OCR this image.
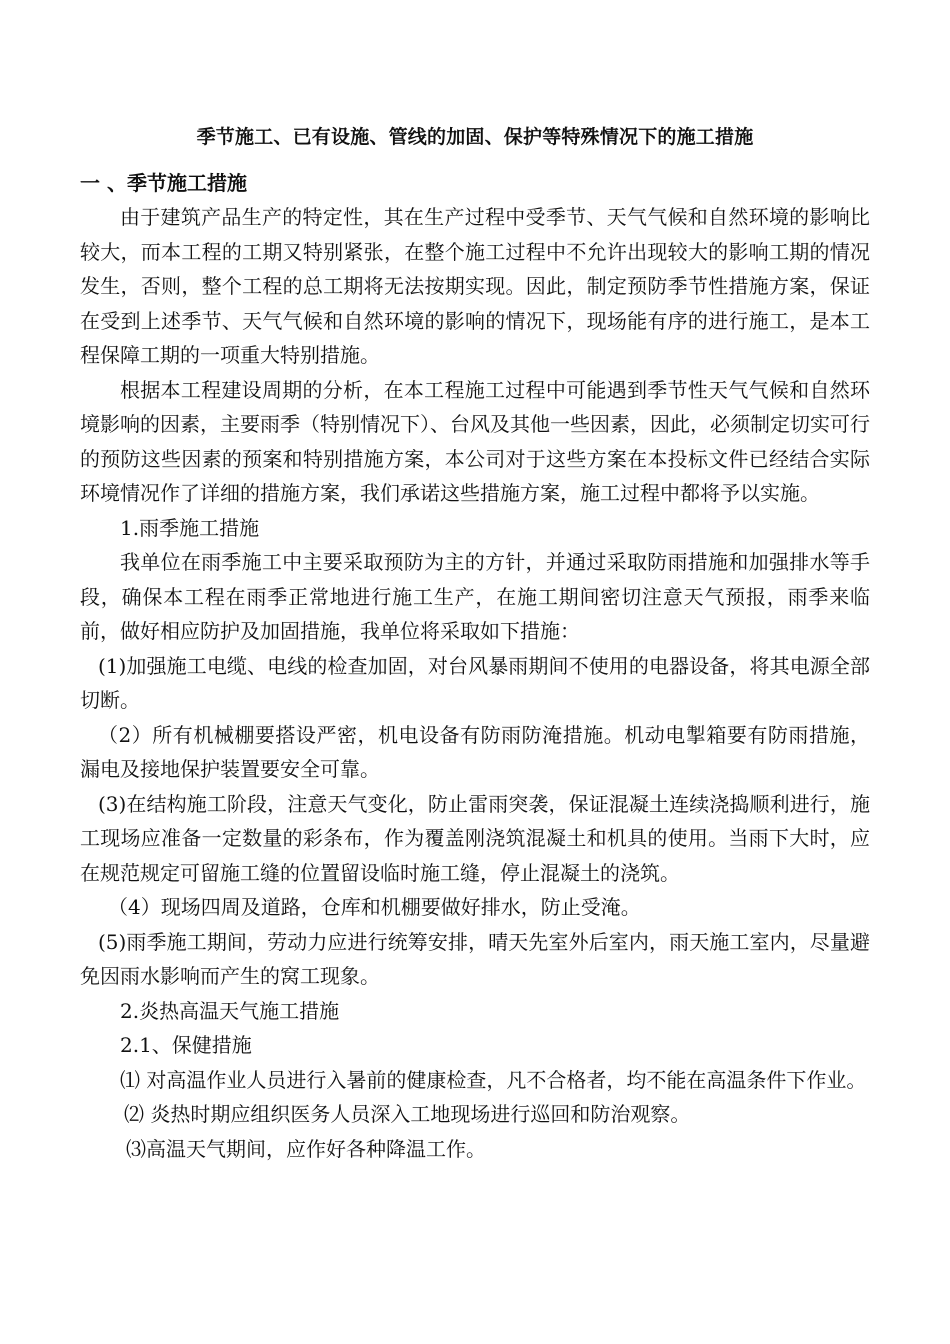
季节施工、已有设施、管线的加固、保护等特殊情况下的施工措施
一 、季节施工措施

由于建筑产品生产的特定性，其在生产过程中受季节、天气气候和自然环境的影响比较大，而本工程的工期又特别紧张，在整个施工过程中不允许出现较大的影响工期的情况发生，否则，整个工程的总工期将无法按期实现。因此，制定预防季节性措施方案，保证在受到上述季节、天气气候和自然环境的影响的情况下，现场能有序的进行施工，是本工程保障工期的一项重大特别措施。

根据本工程建设周期的分析，在本工程施工过程中可能遇到季节性天气气候和自然环境影响的因素，主要雨季（特别情况下）、台风及其他一些因素，因此，必须制定切实可行的预防这些因素的预案和特别措施方案，本公司对于这些方案在本投标文件已经结合实际环境情况作了详细的措施方案，我们承诺这些措施方案，施工过程中都将予以实施。

1.雨季施工措施

我单位在雨季施工中主要采取预防为主的方针，并通过采取防雨措施和加强排水等手段，确保本工程在雨季正常地进行施工生产，在施工期间密切注意天气预报，雨季来临前，做好相应防护及加固措施，我单位将采取如下措施：

(1)加强施工电缆、电线的检查加固，对台风暴雨期间不使用的电器设备，将其电源全部切断。

（2）所有机械棚要搭设严密，机电设备有防雨防淹措施。机动电掣箱要有防雨措施，漏电及接地保护装置要安全可靠。

(3)在结构施工阶段，注意天气变化，防止雷雨突袭，保证混凝土连续浇捣顺利进行，施工现场应准备一定数量的彩条布，作为覆盖刚浇筑混凝土和机具的使用。当雨下大时，应在规范规定可留施工缝的位置留设临时施工缝，停止混凝土的浇筑。

（4）现场四周及道路，仓库和机棚要做好排水，防止受淹。

(5)雨季施工期间，劳动力应进行统筹安排，晴天先室外后室内，雨天施工室内，尽量避免因雨水影响而产生的窝工现象。

2.炎热高温天气施工措施

2.1、保健措施

⑴ 对高温作业人员进行入暑前的健康检查，凡不合格者，均不能在高温条件下作业。

⑵ 炎热时期应组织医务人员深入工地现场进行巡回和防治观察。

⑶高温天气期间，应作好各种降温工作。
